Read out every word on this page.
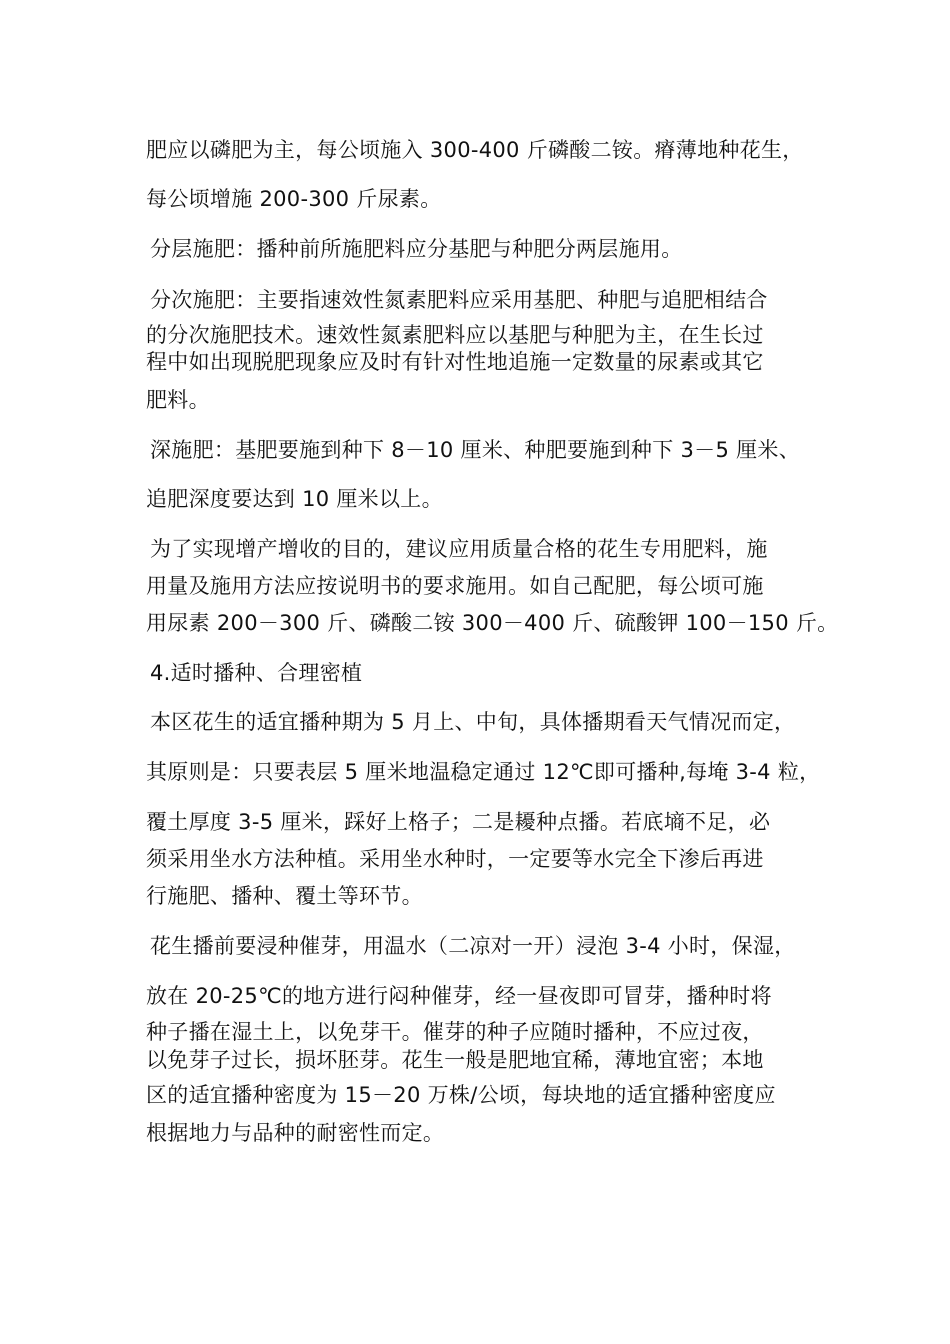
肥应以磷肥为主，每公顷施入 300-400 斤磷酸二铵。瘠薄地种花生，
每公顷增施 200-300 斤尿素。
分层施肥：播种前所施肥料应分基肥与种肥分两层施用。
分次施肥：主要指速效性氮素肥料应采用基肥、种肥与追肥相结合
的分次施肥技术。速效性氮素肥料应以基肥与种肥为主，在生长过
程中如出现脱肥现象应及时有针对性地追施一定数量的尿素或其它
肥料。
深施肥：基肥要施到种下 8－10 厘米、种肥要施到种下 3－5 厘米、
追肥深度要达到 10 厘米以上。
为了实现增产增收的目的，建议应用质量合格的花生专用肥料，施
用量及施用方法应按说明书的要求施用。如自己配肥，每公顷可施
用尿素 200－300 斤、磷酸二铵 300－400 斤、硫酸钾 100－150 斤。
4.适时播种、合理密植
本区花生的适宜播种期为 5 月上、中旬，具体播期看天气情况而定，
其原则是：只要表层 5 厘米地温稳定通过 12℃即可播种,每埯 3-4 粒，
覆土厚度 3-5 厘米，踩好上格子；二是耰种点播。若底墒不足，必
须采用坐水方法种植。采用坐水种时，一定要等水完全下渗后再进
行施肥、播种、覆土等环节。
花生播前要浸种催芽，用温水（二凉对一开）浸泡 3-4 小时，保湿，
放在 20-25℃的地方进行闷种催芽，经一昼夜即可冒芽，播种时将
种子播在湿土上，以免芽干。催芽的种子应随时播种，不应过夜，
以免芽子过长，损坏胚芽。花生一般是肥地宜稀，薄地宜密；本地
区的适宜播种密度为 15－20 万株/公顷，每块地的适宜播种密度应
根据地力与品种的耐密性而定。
